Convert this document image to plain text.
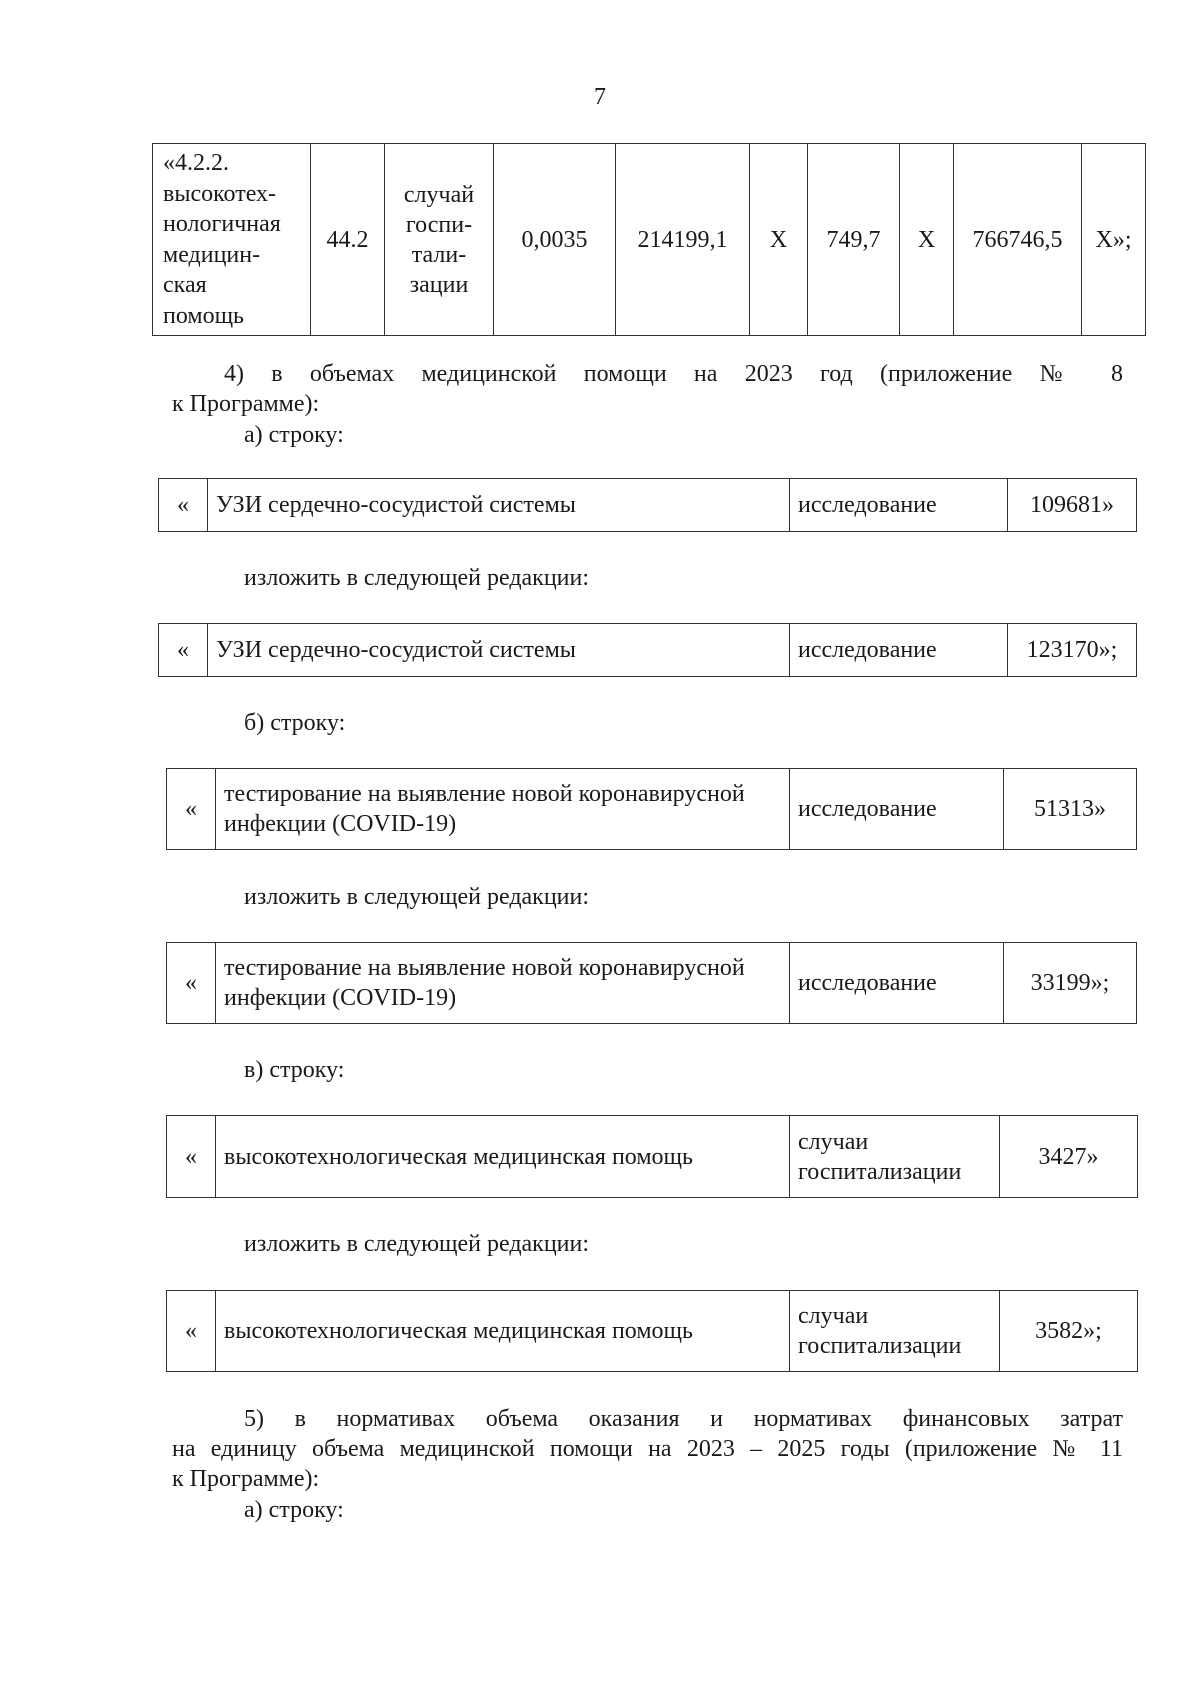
7
«4.2.2.
высокотех-
нологичная
медицин-
ская
помощь	44.2	случай
госпи-
тали-
зации	0,0035	214199,1	Х	749,7	Х	766746,5	Х»;
4) в объемах медицинской помощи на 2023 год (приложение № 8
к Программе):
а) строку:
«	УЗИ сердечно-сосудистой системы	исследование	109681»
изложить в следующей редакции:
«	УЗИ сердечно-сосудистой системы	исследование	123170»;
б) строку:
«	тестирование на выявление новой коронавирусной инфекции (COVID-19)	исследование	51313»
изложить в следующей редакции:
«	тестирование на выявление новой коронавирусной инфекции (COVID-19)	исследование	33199»;
в) строку:
«	высокотехнологическая медицинская помощь	случаи госпитализации	3427»
изложить в следующей редакции:
«	высокотехнологическая медицинская помощь	случаи госпитализации	3582»;
5) в нормативах объема оказания и нормативах финансовых затрат
на единицу объема медицинской помощи на 2023 – 2025 годы (приложение № 11
к Программе):
а) строку:
